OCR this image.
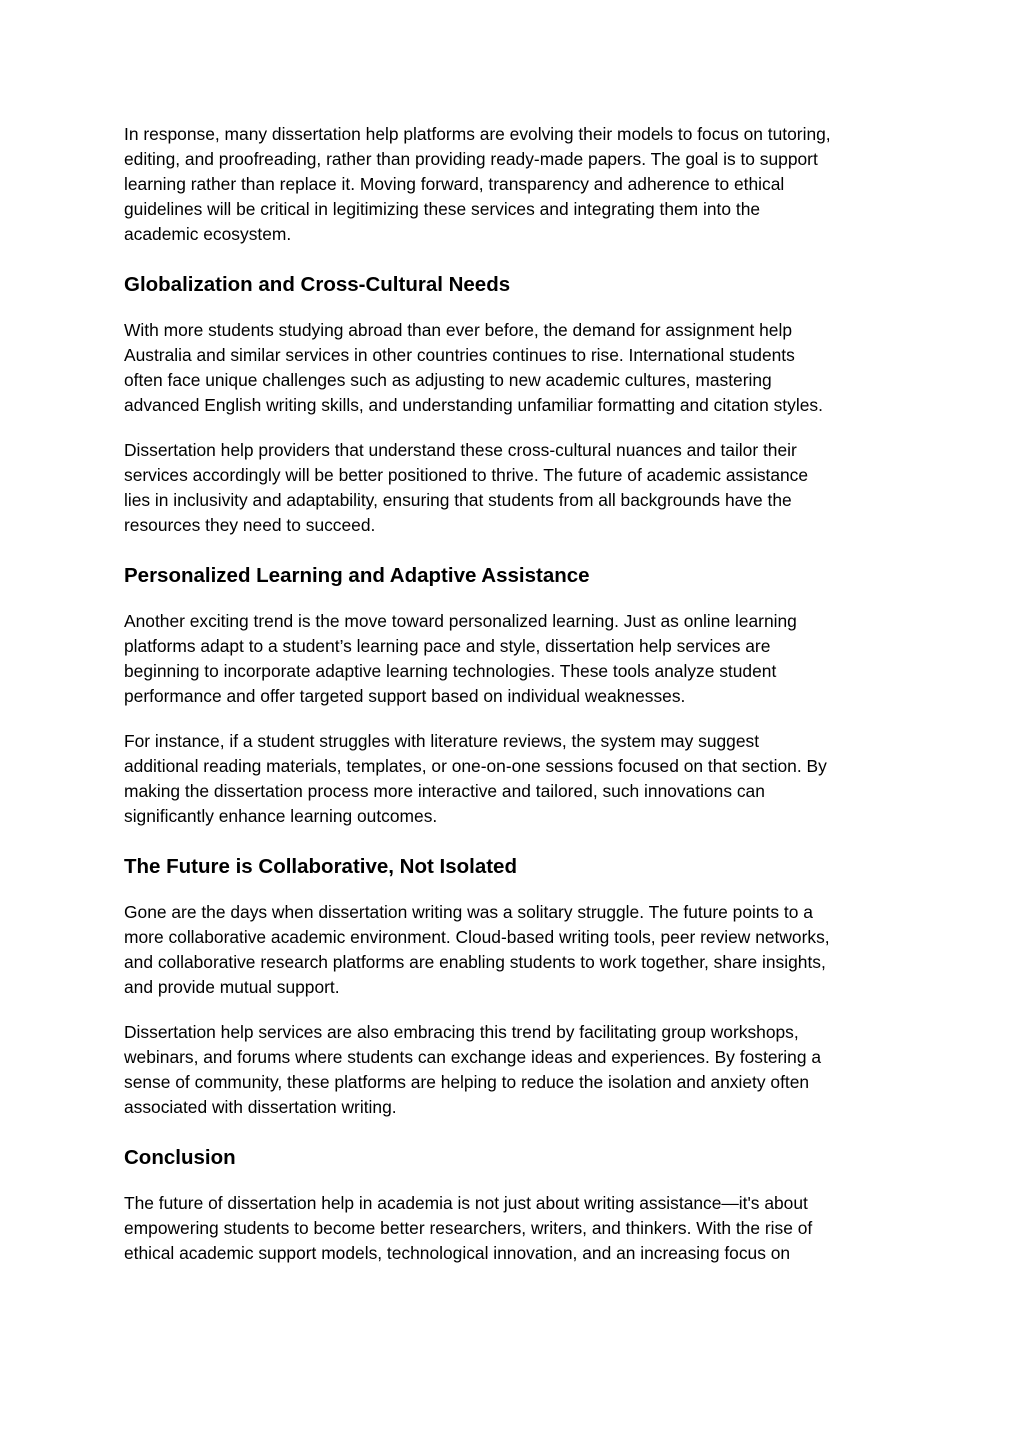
In response, many dissertation help platforms are evolving their models to focus on tutoring,
editing, and proofreading, rather than providing ready-made papers. The goal is to support
learning rather than replace it. Moving forward, transparency and adherence to ethical
guidelines will be critical in legitimizing these services and integrating them into the
academic ecosystem.

Globalization and Cross-Cultural Needs

With more students studying abroad than ever before, the demand for assignment help
Australia and similar services in other countries continues to rise. International students
often face unique challenges such as adjusting to new academic cultures, mastering
advanced English writing skills, and understanding unfamiliar formatting and citation styles.

Dissertation help providers that understand these cross-cultural nuances and tailor their
services accordingly will be better positioned to thrive. The future of academic assistance
lies in inclusivity and adaptability, ensuring that students from all backgrounds have the
resources they need to succeed.

Personalized Learning and Adaptive Assistance

Another exciting trend is the move toward personalized learning. Just as online learning
platforms adapt to a student’s learning pace and style, dissertation help services are
beginning to incorporate adaptive learning technologies. These tools analyze student
performance and offer targeted support based on individual weaknesses.

For instance, if a student struggles with literature reviews, the system may suggest
additional reading materials, templates, or one-on-one sessions focused on that section. By
making the dissertation process more interactive and tailored, such innovations can
significantly enhance learning outcomes.

The Future is Collaborative, Not Isolated

Gone are the days when dissertation writing was a solitary struggle. The future points to a
more collaborative academic environment. Cloud-based writing tools, peer review networks,
and collaborative research platforms are enabling students to work together, share insights,
and provide mutual support.

Dissertation help services are also embracing this trend by facilitating group workshops,
webinars, and forums where students can exchange ideas and experiences. By fostering a
sense of community, these platforms are helping to reduce the isolation and anxiety often
associated with dissertation writing.

Conclusion

The future of dissertation help in academia is not just about writing assistance—it's about
empowering students to become better researchers, writers, and thinkers. With the rise of
ethical academic support models, technological innovation, and an increasing focus on
